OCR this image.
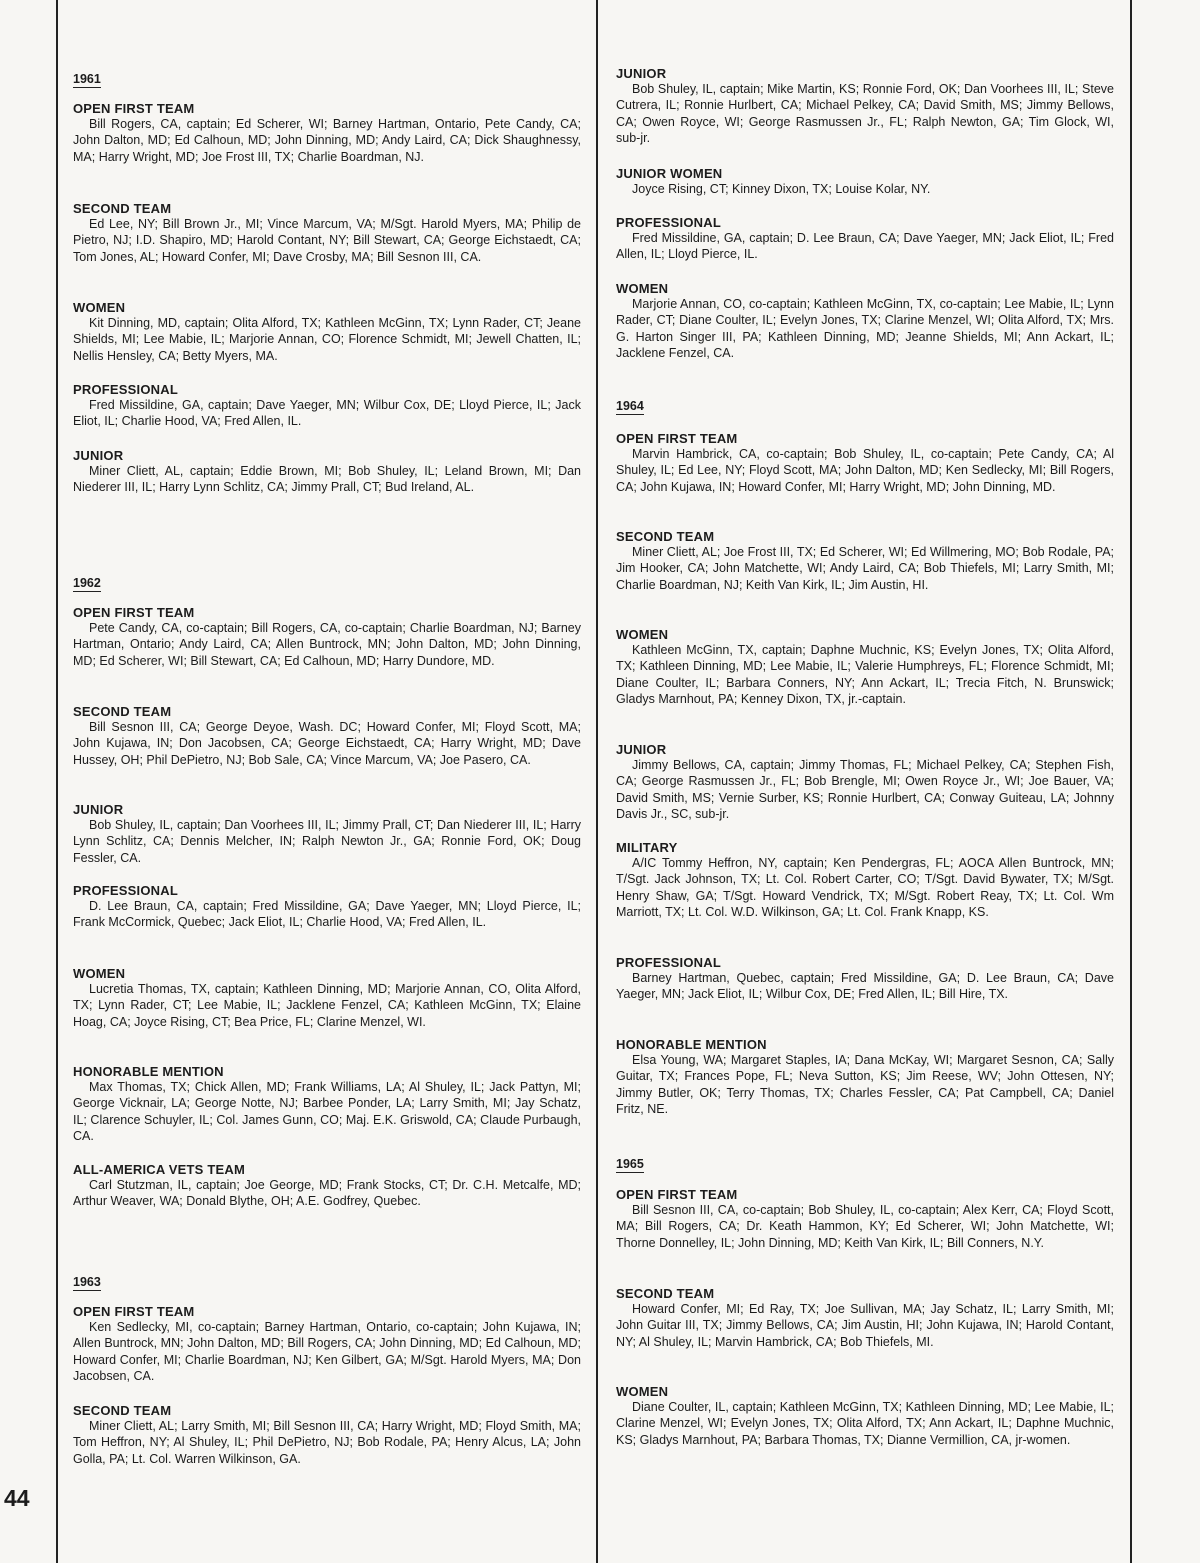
1961
OPEN FIRST TEAM

Bill Rogers, CA, captain; Ed Scherer, WI; Barney Hartman, Ontario, Pete Candy, CA; John Dalton, MD; Ed Calhoun, MD; John Dinning, MD; Andy Laird, CA; Dick Shaughnessy, MA; Harry Wright, MD; Joe Frost III, TX; Charlie Boardman, NJ.

SECOND TEAM

Ed Lee, NY; Bill Brown Jr., MI; Vince Marcum, VA; M/Sgt. Harold Myers, MA; Philip de Pietro, NJ; I.D. Shapiro, MD; Harold Contant, NY; Bill Stewart, CA; George Eichstaedt, CA; Tom Jones, AL; Howard Confer, MI; Dave Crosby, MA; Bill Sesnon III, CA.

WOMEN

Kit Dinning, MD, captain; Olita Alford, TX; Kathleen McGinn, TX; Lynn Rader, CT; Jeane Shields, MI; Lee Mabie, IL; Marjorie Annan, CO; Florence Schmidt, MI; Jewell Chatten, IL; Nellis Hensley, CA; Betty Myers, MA.

PROFESSIONAL

Fred Missildine, GA, captain; Dave Yaeger, MN; Wilbur Cox, DE; Lloyd Pierce, IL; Jack Eliot, IL; Charlie Hood, VA; Fred Allen, IL.

JUNIOR

Miner Cliett, AL, captain; Eddie Brown, MI; Bob Shuley, IL; Leland Brown, MI; Dan Niederer III, IL; Harry Lynn Schlitz, CA; Jimmy Prall, CT; Bud Ireland, AL.

1962
OPEN FIRST TEAM

Pete Candy, CA, co-captain; Bill Rogers, CA, co-captain; Charlie Boardman, NJ; Barney Hartman, Ontario; Andy Laird, CA; Allen Buntrock, MN; John Dalton, MD; John Dinning, MD; Ed Scherer, WI; Bill Stewart, CA; Ed Calhoun, MD; Harry Dundore, MD.

SECOND TEAM

Bill Sesnon III, CA; George Deyoe, Wash. DC; Howard Confer, MI; Floyd Scott, MA; John Kujawa, IN; Don Jacobsen, CA; George Eichstaedt, CA; Harry Wright, MD; Dave Hussey, OH; Phil DePietro, NJ; Bob Sale, CA; Vince Marcum, VA; Joe Pasero, CA.

JUNIOR

Bob Shuley, IL, captain; Dan Voorhees III, IL; Jimmy Prall, CT; Dan Niederer III, IL; Harry Lynn Schlitz, CA; Dennis Melcher, IN; Ralph Newton Jr., GA; Ronnie Ford, OK; Doug Fessler, CA.

PROFESSIONAL

D. Lee Braun, CA, captain; Fred Missildine, GA; Dave Yaeger, MN; Lloyd Pierce, IL; Frank McCormick, Quebec; Jack Eliot, IL; Charlie Hood, VA; Fred Allen, IL.

WOMEN

Lucretia Thomas, TX, captain; Kathleen Dinning, MD; Marjorie Annan, CO, Olita Alford, TX; Lynn Rader, CT; Lee Mabie, IL; Jacklene Fenzel, CA; Kathleen McGinn, TX; Elaine Hoag, CA; Joyce Rising, CT; Bea Price, FL; Clarine Menzel, WI.

HONORABLE MENTION

Max Thomas, TX; Chick Allen, MD; Frank Williams, LA; Al Shuley, IL; Jack Pattyn, MI; George Vicknair, LA; George Notte, NJ; Barbee Ponder, LA; Larry Smith, MI; Jay Schatz, IL; Clarence Schuyler, IL; Col. James Gunn, CO; Maj. E.K. Griswold, CA; Claude Purbaugh, CA.

ALL-AMERICA VETS TEAM

Carl Stutzman, IL, captain; Joe George, MD; Frank Stocks, CT; Dr. C.H. Metcalfe, MD; Arthur Weaver, WA; Donald Blythe, OH; A.E. Godfrey, Quebec.

1963
OPEN FIRST TEAM

Ken Sedlecky, MI, co-captain; Barney Hartman, Ontario, co-captain; John Kujawa, IN; Allen Buntrock, MN; John Dalton, MD; Bill Rogers, CA; John Dinning, MD; Ed Calhoun, MD; Howard Confer, MI; Charlie Boardman, NJ; Ken Gilbert, GA; M/Sgt. Harold Myers, MA; Don Jacobsen, CA.

SECOND TEAM

Miner Cliett, AL; Larry Smith, MI; Bill Sesnon III, CA; Harry Wright, MD; Floyd Smith, MA; Tom Heffron, NY; Al Shuley, IL; Phil DePietro, NJ; Bob Rodale, PA; Henry Alcus, LA; John Golla, PA; Lt. Col. Warren Wilkinson, GA.

JUNIOR

Bob Shuley, IL, captain; Mike Martin, KS; Ronnie Ford, OK; Dan Voorhees III, IL; Steve Cutrera, IL; Ronnie Hurlbert, CA; Michael Pelkey, CA; David Smith, MS; Jimmy Bellows, CA; Owen Royce, WI; George Rasmussen Jr., FL; Ralph Newton, GA; Tim Glock, WI, sub-jr.

JUNIOR WOMEN

Joyce Rising, CT; Kinney Dixon, TX; Louise Kolar, NY.

PROFESSIONAL

Fred Missildine, GA, captain; D. Lee Braun, CA; Dave Yaeger, MN; Jack Eliot, IL; Fred Allen, IL; Lloyd Pierce, IL.

WOMEN

Marjorie Annan, CO, co-captain; Kathleen McGinn, TX, co-captain; Lee Mabie, IL; Lynn Rader, CT; Diane Coulter, IL; Evelyn Jones, TX; Clarine Menzel, WI; Olita Alford, TX; Mrs. G. Harton Singer III, PA; Kathleen Dinning, MD; Jeanne Shields, MI; Ann Ackart, IL; Jacklene Fenzel, CA.

1964
OPEN FIRST TEAM

Marvin Hambrick, CA, co-captain; Bob Shuley, IL, co-captain; Pete Candy, CA; Al Shuley, IL; Ed Lee, NY; Floyd Scott, MA; John Dalton, MD; Ken Sedlecky, MI; Bill Rogers, CA; John Kujawa, IN; Howard Confer, MI; Harry Wright, MD; John Dinning, MD.

SECOND TEAM

Miner Cliett, AL; Joe Frost III, TX; Ed Scherer, WI; Ed Willmering, MO; Bob Rodale, PA; Jim Hooker, CA; John Matchette, WI; Andy Laird, CA; Bob Thiefels, MI; Larry Smith, MI; Charlie Boardman, NJ; Keith Van Kirk, IL; Jim Austin, HI.

WOMEN

Kathleen McGinn, TX, captain; Daphne Muchnic, KS; Evelyn Jones, TX; Olita Alford, TX; Kathleen Dinning, MD; Lee Mabie, IL; Valerie Humphreys, FL; Florence Schmidt, MI; Diane Coulter, IL; Barbara Conners, NY; Ann Ackart, IL; Trecia Fitch, N. Brunswick; Gladys Marnhout, PA; Kenney Dixon, TX, jr.-captain.

JUNIOR

Jimmy Bellows, CA, captain; Jimmy Thomas, FL; Michael Pelkey, CA; Stephen Fish, CA; George Rasmussen Jr., FL; Bob Brengle, MI; Owen Royce Jr., WI; Joe Bauer, VA; David Smith, MS; Vernie Surber, KS; Ronnie Hurlbert, CA; Conway Guiteau, LA; Johnny Davis Jr., SC, sub-jr.

MILITARY

A/IC Tommy Heffron, NY, captain; Ken Pendergras, FL; AOCA Allen Buntrock, MN; T/Sgt. Jack Johnson, TX; Lt. Col. Robert Carter, CO; T/Sgt. David Bywater, TX; M/Sgt. Henry Shaw, GA; T/Sgt. Howard Vendrick, TX; M/Sgt. Robert Reay, TX; Lt. Col. Wm Marriott, TX; Lt. Col. W.D. Wilkinson, GA; Lt. Col. Frank Knapp, KS.

PROFESSIONAL

Barney Hartman, Quebec, captain; Fred Missildine, GA; D. Lee Braun, CA; Dave Yaeger, MN; Jack Eliot, IL; Wilbur Cox, DE; Fred Allen, IL; Bill Hire, TX.

HONORABLE MENTION

Elsa Young, WA; Margaret Staples, IA; Dana McKay, WI; Margaret Sesnon, CA; Sally Guitar, TX; Frances Pope, FL; Neva Sutton, KS; Jim Reese, WV; John Ottesen, NY; Jimmy Butler, OK; Terry Thomas, TX; Charles Fessler, CA; Pat Campbell, CA; Daniel Fritz, NE.

1965
OPEN FIRST TEAM

Bill Sesnon III, CA, co-captain; Bob Shuley, IL, co-captain; Alex Kerr, CA; Floyd Scott, MA; Bill Rogers, CA; Dr. Keath Hammon, KY; Ed Scherer, WI; John Matchette, WI; Thorne Donnelley, IL; John Dinning, MD; Keith Van Kirk, IL; Bill Conners, N.Y.

SECOND TEAM

Howard Confer, MI; Ed Ray, TX; Joe Sullivan, MA; Jay Schatz, IL; Larry Smith, MI; John Guitar III, TX; Jimmy Bellows, CA; Jim Austin, HI; John Kujawa, IN; Harold Contant, NY; Al Shuley, IL; Marvin Hambrick, CA; Bob Thiefels, MI.

WOMEN

Diane Coulter, IL, captain; Kathleen McGinn, TX; Kathleen Dinning, MD; Lee Mabie, IL; Clarine Menzel, WI; Evelyn Jones, TX; Olita Alford, TX; Ann Ackart, IL; Daphne Muchnic, KS; Gladys Marnhout, PA; Barbara Thomas, TX; Dianne Vermillion, CA, jr-women.

44
